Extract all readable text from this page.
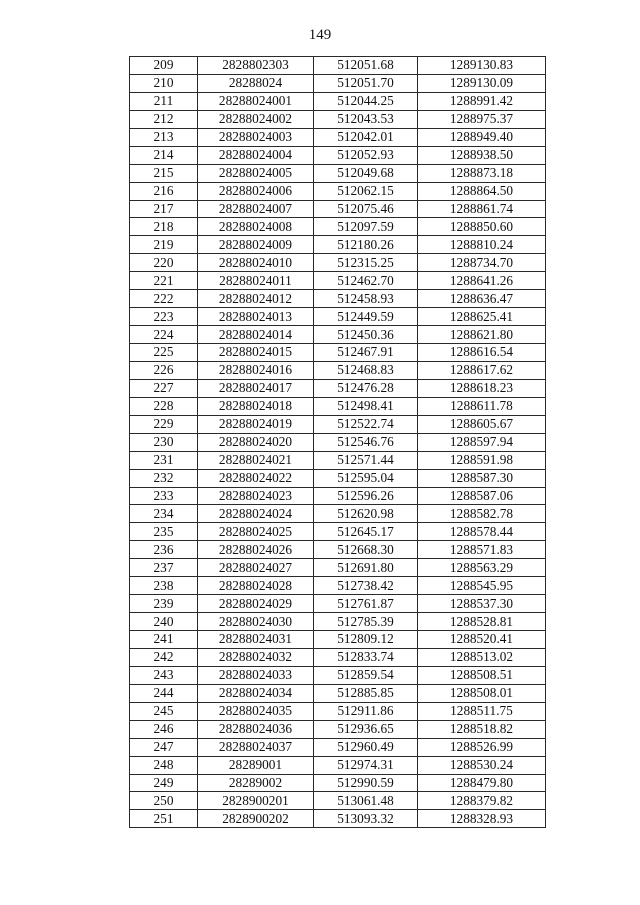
149
209	2828802303	512051.68	1289130.83
210	28288024	512051.70	1289130.09
211	28288024001	512044.25	1288991.42
212	28288024002	512043.53	1288975.37
213	28288024003	512042.01	1288949.40
214	28288024004	512052.93	1288938.50
215	28288024005	512049.68	1288873.18
216	28288024006	512062.15	1288864.50
217	28288024007	512075.46	1288861.74
218	28288024008	512097.59	1288850.60
219	28288024009	512180.26	1288810.24
220	28288024010	512315.25	1288734.70
221	28288024011	512462.70	1288641.26
222	28288024012	512458.93	1288636.47
223	28288024013	512449.59	1288625.41
224	28288024014	512450.36	1288621.80
225	28288024015	512467.91	1288616.54
226	28288024016	512468.83	1288617.62
227	28288024017	512476.28	1288618.23
228	28288024018	512498.41	1288611.78
229	28288024019	512522.74	1288605.67
230	28288024020	512546.76	1288597.94
231	28288024021	512571.44	1288591.98
232	28288024022	512595.04	1288587.30
233	28288024023	512596.26	1288587.06
234	28288024024	512620.98	1288582.78
235	28288024025	512645.17	1288578.44
236	28288024026	512668.30	1288571.83
237	28288024027	512691.80	1288563.29
238	28288024028	512738.42	1288545.95
239	28288024029	512761.87	1288537.30
240	28288024030	512785.39	1288528.81
241	28288024031	512809.12	1288520.41
242	28288024032	512833.74	1288513.02
243	28288024033	512859.54	1288508.51
244	28288024034	512885.85	1288508.01
245	28288024035	512911.86	1288511.75
246	28288024036	512936.65	1288518.82
247	28288024037	512960.49	1288526.99
248	28289001	512974.31	1288530.24
249	28289002	512990.59	1288479.80
250	2828900201	513061.48	1288379.82
251	2828900202	513093.32	1288328.93
